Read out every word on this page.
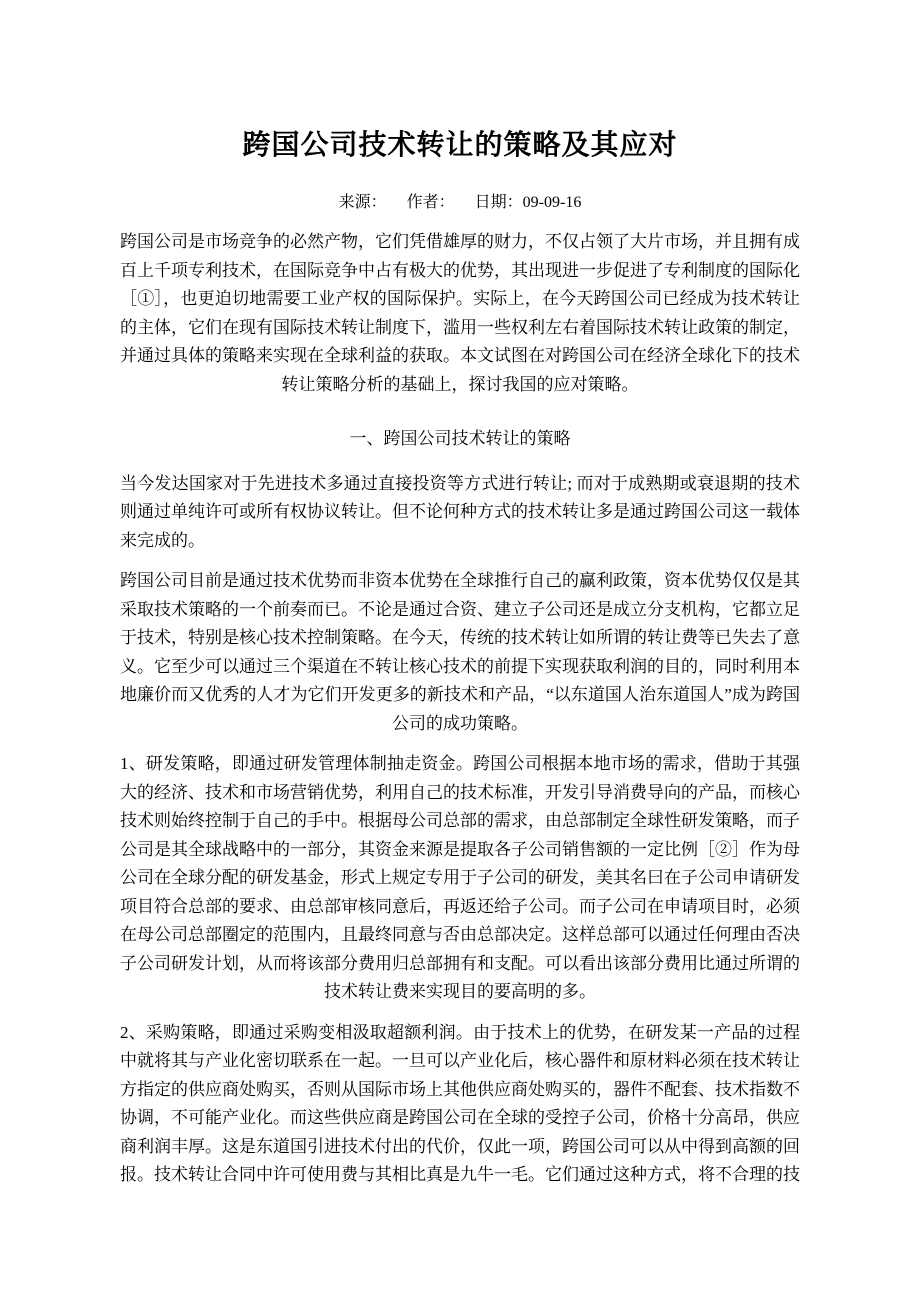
跨国公司技术转让的策略及其应对
来源： 作者： 日期：09-09-16

跨国公司是市场竞争的必然产物，它们凭借雄厚的财力，不仅占领了大片市场，并且拥有成百上千项专利技术，在国际竞争中占有极大的优势，其出现进一步促进了专利制度的国际化［①］，也更迫切地需要工业产权的国际保护。实际上，在今天跨国公司已经成为技术转让的主体，它们在现有国际技术转让制度下，滥用一些权利左右着国际技术转让政策的制定，并通过具体的策略来实现在全球利益的获取。本文试图在对跨国公司在经济全球化下的技术转让策略分析的基础上，探讨我国的应对策略。

一、跨国公司技术转让的策略

当今发达国家对于先进技术多通过直接投资等方式进行转让; 而对于成熟期或衰退期的技术则通过单纯许可或所有权协议转让。但不论何种方式的技术转让多是通过跨国公司这一载体来完成的。

跨国公司目前是通过技术优势而非资本优势在全球推行自己的赢利政策，资本优势仅仅是其采取技术策略的一个前奏而已。不论是通过合资、建立子公司还是成立分支机构，它都立足于技术，特别是核心技术控制策略。在今天，传统的技术转让如所谓的转让费等已失去了意义。它至少可以通过三个渠道在不转让核心技术的前提下实现获取利润的目的，同时利用本地廉价而又优秀的人才为它们开发更多的新技术和产品，“以东道国人治东道国人”成为跨国公司的成功策略。

1、研发策略，即通过研发管理体制抽走资金。跨国公司根据本地市场的需求，借助于其强大的经济、技术和市场营销优势，利用自己的技术标准，开发引导消费导向的产品，而核心技术则始终控制于自己的手中。根据母公司总部的需求，由总部制定全球性研发策略，而子公司是其全球战略中的一部分，其资金来源是提取各子公司销售额的一定比例［②］作为母公司在全球分配的研发基金，形式上规定专用于子公司的研发，美其名曰在子公司申请研发项目符合总部的要求、由总部审核同意后，再返还给子公司。而子公司在申请项目时，必须在母公司总部圈定的范围内，且最终同意与否由总部决定。这样总部可以通过任何理由否决子公司研发计划，从而将该部分费用归总部拥有和支配。可以看出该部分费用比通过所谓的技术转让费来实现目的要高明的多。

2、采购策略，即通过采购变相汲取超额利润。由于技术上的优势，在研发某一产品的过程中就将其与产业化密切联系在一起。一旦可以产业化后，核心器件和原材料必须在技术转让方指定的供应商处购买，否则从国际市场上其他供应商处购买的，器件不配套、技术指数不协调，不可能产业化。而这些供应商是跨国公司在全球的受控子公司，价格十分高昂，供应商利润丰厚。这是东道国引进技术付出的代价，仅此一项，跨国公司可以从中得到高额的回报。技术转让合同中许可使用费与其相比真是九牛一毛。它们通过这种方式，将不合理的技
